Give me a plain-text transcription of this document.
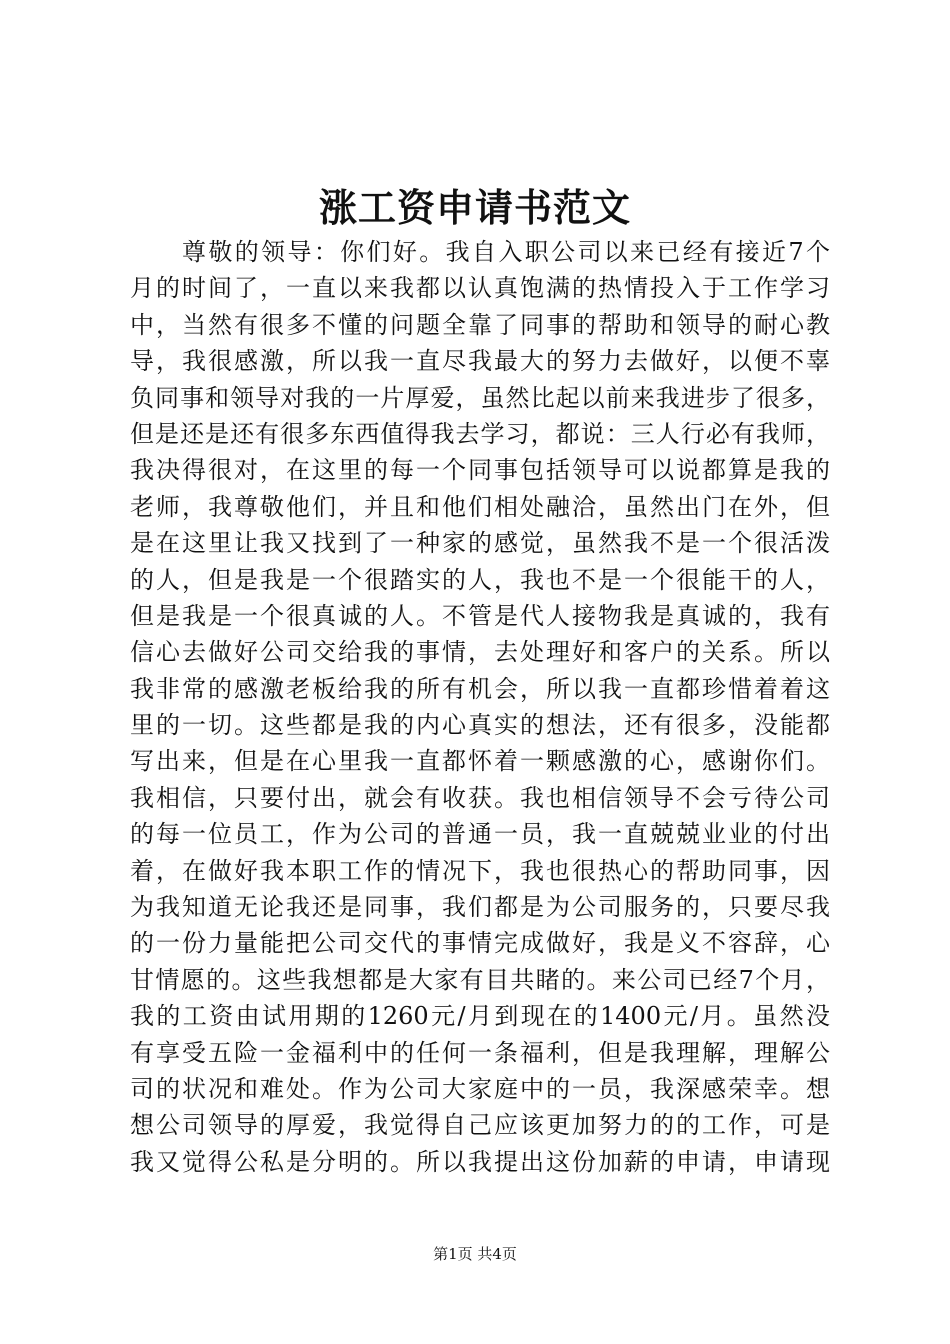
涨工资申请书范文
尊敬的领导：你们好。我自入职公司以来已经有接近7个
月的时间了，一直以来我都以认真饱满的热情投入于工作学习
中，当然有很多不懂的问题全靠了同事的帮助和领导的耐心教
导，我很感激，所以我一直尽我最大的努力去做好，以便不辜
负同事和领导对我的一片厚爱，虽然比起以前来我进步了很多，
但是还是还有很多东西值得我去学习，都说：三人行必有我师，
我决得很对，在这里的每一个同事包括领导可以说都算是我的
老师，我尊敬他们，并且和他们相处融洽，虽然出门在外，但
是在这里让我又找到了一种家的感觉，虽然我不是一个很活泼
的人，但是我是一个很踏实的人，我也不是一个很能干的人，
但是我是一个很真诚的人。不管是代人接物我是真诚的，我有
信心去做好公司交给我的事情，去处理好和客户的关系。所以
我非常的感激老板给我的所有机会，所以我一直都珍惜着着这
里的一切。这些都是我的内心真实的想法，还有很多，没能都
写出来，但是在心里我一直都怀着一颗感激的心，感谢你们。
我相信，只要付出，就会有收获。我也相信领导不会亏待公司
的每一位员工，作为公司的普通一员，我一直兢兢业业的付出
着，在做好我本职工作的情况下，我也很热心的帮助同事，因
为我知道无论我还是同事，我们都是为公司服务的，只要尽我
的一份力量能把公司交代的事情完成做好，我是义不容辞，心
甘情愿的。这些我想都是大家有目共睹的。来公司已经7个月，
我的工资由试用期的1260元/月到现在的1400元/月。虽然没
有享受五险一金福利中的任何一条福利，但是我理解，理解公
司的状况和难处。作为公司大家庭中的一员，我深感荣幸。想
想公司领导的厚爱，我觉得自己应该更加努力的的工作，可是
我又觉得公私是分明的。所以我提出这份加薪的申请，申请现
第1页 共4页
